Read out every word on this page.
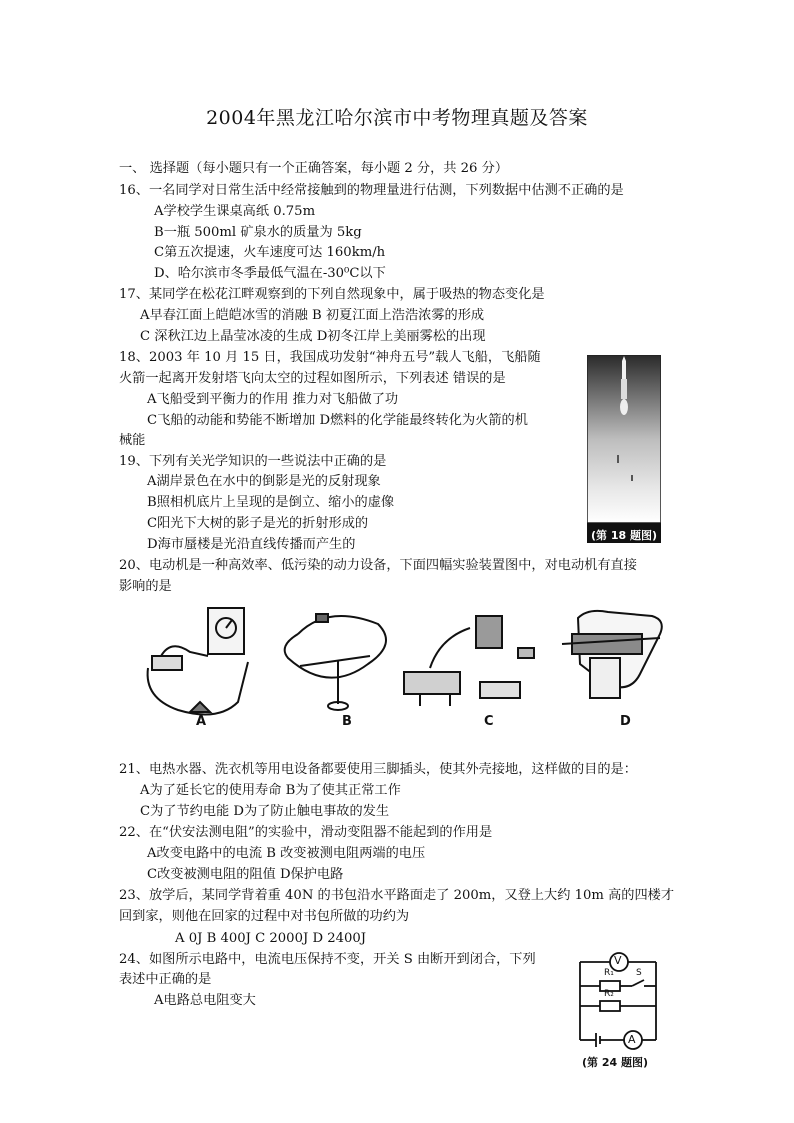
2004年黑龙江哈尔滨市中考物理真题及答案
一、 选择题（每小题只有一个正确答案，每小题 2 分，共 26 分）
16、一名同学对日常生活中经常接触到的物理量进行估测，下列数据中估测不正确的是
A学校学生课桌高纸 0.75m
B一瓶 500ml 矿泉水的质量为 5kg
C第五次提速，火车速度可达 160km/h
D、哈尔滨市冬季最低气温在-30⁰C以下
17、某同学在松花江畔观察到的下列自然现象中，属于吸热的物态变化是
A早春江面上皑皑冰雪的消融 B 初夏江面上浩浩浓雾的形成
C 深秋江边上晶莹冰凌的生成 D初冬江岸上美丽雾松的出现
18、2003 年 10 月 15 日，我国成功发射“神舟五号”载人飞船，飞船随
火箭一起离开发射塔飞向太空的过程如图所示，下列表述 错误的是
A飞船受到平衡力的作用 推力对飞船做了功
C飞船的动能和势能不断增加 D燃料的化学能最终转化为火箭的机
械能
(第 18 题图)
19、下列有关光学知识的一些说法中正确的是
A湖岸景色在水中的倒影是光的反射现象
B照相机底片上呈现的是倒立、缩小的虚像
C阳光下大树的影子是光的折射形成的
D海市蜃楼是光沿直线传播而产生的
20、电动机是一种高效率、低污染的动力设备，下面四幅实验装置图中，对电动机有直接
影响的是
A	B	C	D
21、电热水器、洗衣机等用电设备都要使用三脚插头，使其外壳接地，这样做的目的是：
A为了延长它的使用寿命 B为了使其正常工作
C为了节约电能 D为了防止触电事故的发生
22、在“伏安法测电阻”的实验中，滑动变阻器不能起到的作用是
A改变电路中的电流 B 改变被测电阻两端的电压
C改变被测电阻的阻值 D保护电路
23、放学后，某同学背着重 40N 的书包沿水平路面走了 200m，又登上大约 10m 高的四楼才
回到家，则他在回家的过程中对书包所做的功约为
A 0J B 400J C 2000J D 2400J
24、如图所示电路中，电流电压保持不变，开关 S 由断开到闭合，下列
表述中正确的是
A电路总电阻变大
V
A
R₁
R₂
S
(第 24 题图)
